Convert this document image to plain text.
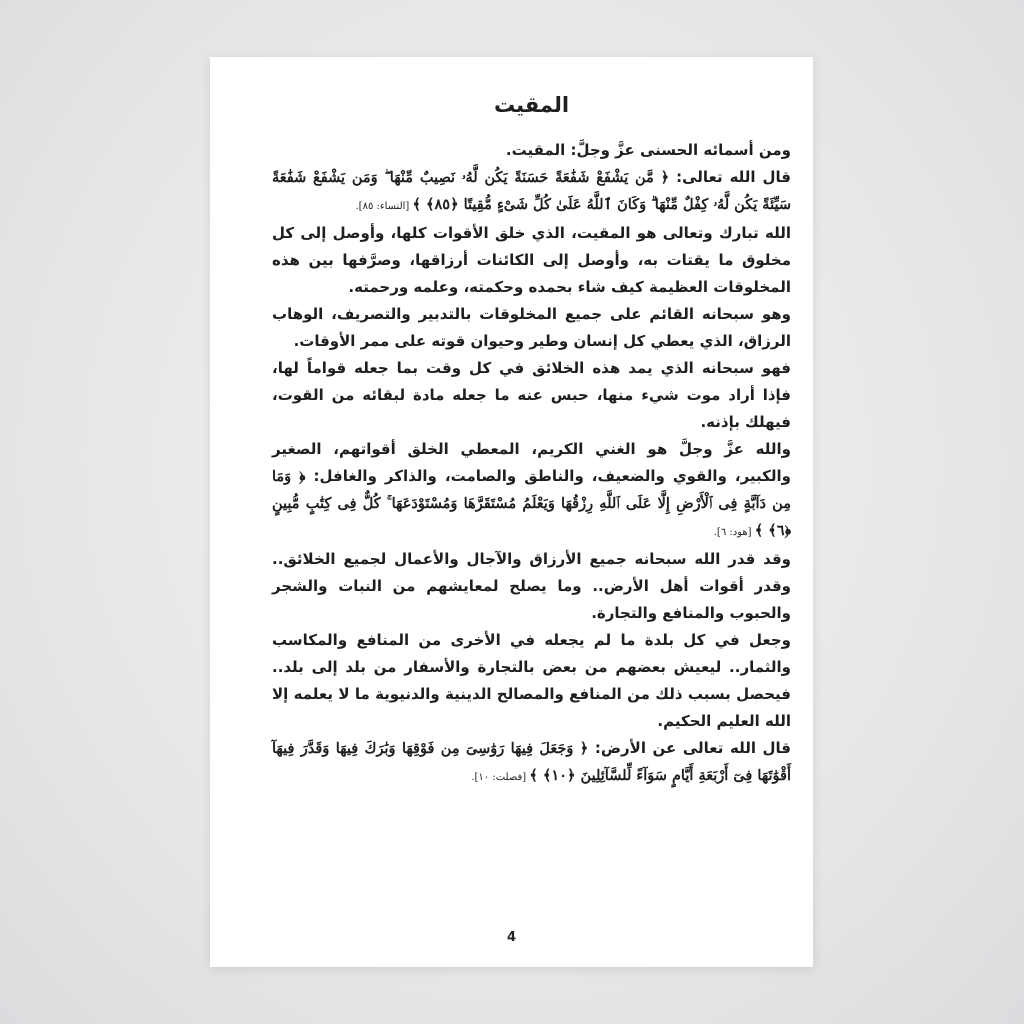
المقيت

ومن أسمائه الحسنى عزَّ وجلَّ: المقيت.

قال الله تعالى: ﴿ مَّن يَشْفَعْ شَفَٰعَةً حَسَنَةً يَكُن لَّهُۥ نَصِيبٌ مِّنْهَا ۖ وَمَن يَشْفَعْ شَفَٰعَةً سَيِّئَةً يَكُن لَّهُۥ كِفْلٌ مِّنْهَا ۗ وَكَانَ ٱللَّهُ عَلَىٰ كُلِّ شَىْءٍ مُّقِيتًا ﴿٨٥﴾ ﴾ [النساء: ٨٥].

الله تبارك وتعالى هو المقيت، الذي خلق الأقوات كلها، وأوصل إلى كل مخلوق ما يقتات به، وأوصل إلى الكائنات أرزاقها، وصرَّفها بين هذه المخلوقات العظيمة كيف شاء بحمده وحكمته، وعلمه ورحمته.

وهو سبحانه القائم على جميع المخلوقات بالتدبير والتصريف، الوهاب الرزاق، الذي يعطي كل إنسان وطير وحيوان قوته على ممر الأوقات.

فهو سبحانه الذي يمد هذه الخلائق في كل وقت بما جعله قواماً لها، فإذا أراد موت شيء منها، حبس عنه ما جعله مادة لبقائه من القوت، فيهلك بإذنه.

والله عزَّ وجلَّ هو الغني الكريم، المعطي الخلق أقواتهم، الصغير والكبير، والقوي والضعيف، والناطق والصامت، والذاكر والغافل: ﴿ وَمَا مِن دَآبَّةٍ فِى ٱلْأَرْضِ إِلَّا عَلَى ٱللَّهِ رِزْقُهَا وَيَعْلَمُ مُسْتَقَرَّهَا وَمُسْتَوْدَعَهَا ۚ كُلٌّ فِى كِتَٰبٍ مُّبِينٍ ﴿٦﴾ ﴾ [هود: ٦].

وقد قدر الله سبحانه جميع الأرزاق والآجال والأعمال لجميع الخلائق.. وقدر أقوات أهل الأرض.. وما يصلح لمعايشهم من النبات والشجر والحبوب والمنافع والتجارة.

وجعل في كل بلدة ما لم يجعله في الأخرى من المنافع والمكاسب والثمار.. ليعيش بعضهم من بعض بالتجارة والأسفار من بلد إلى بلد.. فيحصل بسبب ذلك من المنافع والمصالح الدينية والدنيوية ما لا يعلمه إلا الله العليم الحكيم.

قال الله تعالى عن الأرض: ﴿ وَجَعَلَ فِيهَا رَوَٰسِىَ مِن فَوْقِهَا وَبَٰرَكَ فِيهَا وَقَدَّرَ فِيهَآ أَقْوَٰتَهَا فِىٓ أَرْبَعَةِ أَيَّامٍ سَوَآءً لِّلسَّآئِلِينَ ﴿١٠﴾ ﴾ [فصلت: ١٠].

4
